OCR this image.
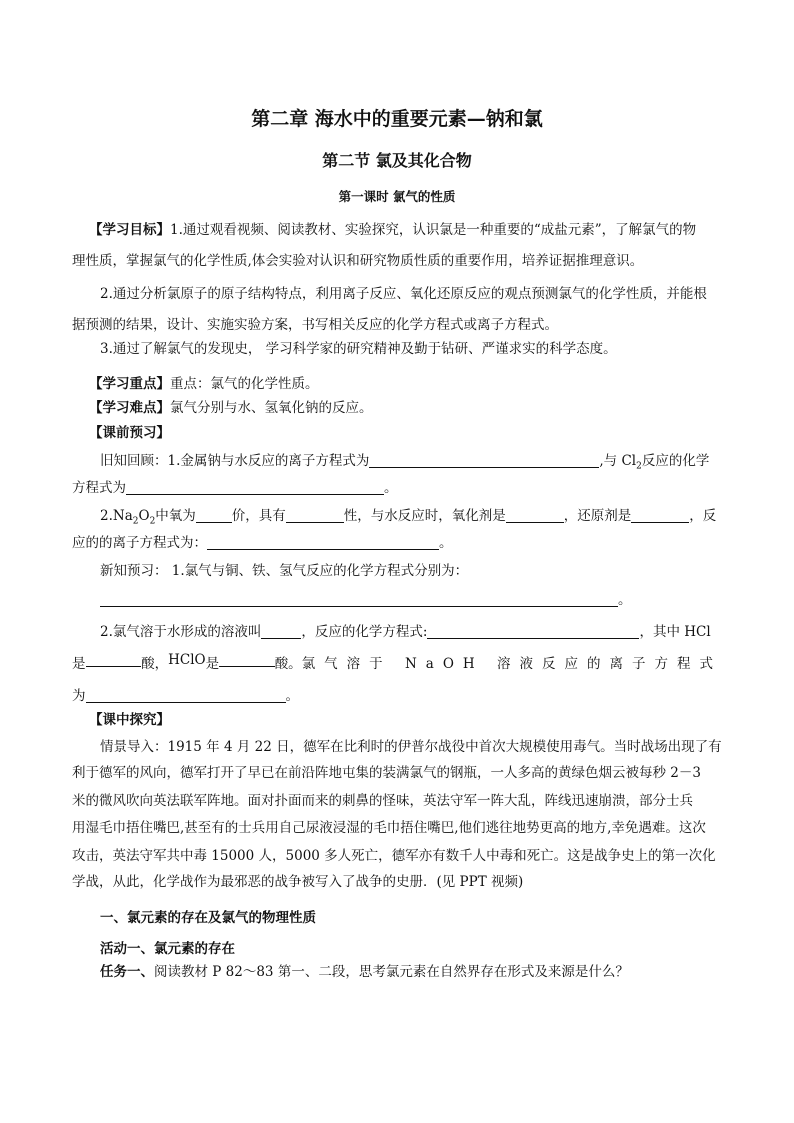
第二章 海水中的重要元素—钠和氯
第二节 氯及其化合物
第一课时 氯气的性质
【学习目标】1.通过观看视频、阅读教材、实验探究，认识氯是一种重要的“成盐元素”，了解氯气的物
理性质，掌握氯气的化学性质,体会实验对认识和研究物质性质的重要作用，培养证据推理意识。
2.通过分析氯原子的原子结构特点，利用离子反应、氧化还原反应的观点预测氯气的化学性质，并能根
据预测的结果，设计、实施实验方案，书写相关反应的化学方程式或离子方程式。
3.通过了解氯气的发现史， 学习科学家的研究精神及勤于钻研、严谨求实的科学态度。
【学习重点】重点：氯气的化学性质。
【学习难点】氯气分别与水、氢氧化钠的反应。
【课前预习】
旧知回顾：1.金属钠与水反应的离子方程式为	,与 $Cl_2$反应的化学
方程式为	。
$2.Na_2O_2$中氧为	价，具有	性，与水反应时，氧化剂是	，还原剂是	，反
应的的离子方程式为：	。
新知预习： 1.氯气与铜、铁、氢气反应的化学方程式分别为：
。
2.氯气溶于水形成的溶液叫	，反应的化学方程式:	，其中 HCl
是	酸， HClO 是	酸。 氯气溶于 NaOH 溶液反应的离子方程式
为	。
【课中探究】
情景导入：1915 年 4 月 22 日，德军在比利时的伊普尔战役中首次大规模使用毒气。当时战场出现了有
利于德军的风向，德军打开了早已在前沿阵地屯集的装满氯气的钢瓶，一人多高的黄绿色烟云被每秒 2－3
米的微风吹向英法联军阵地。面对扑面而来的刺鼻的怪味，英法守军一阵大乱，阵线迅速崩溃，部分士兵
用湿毛巾捂住嘴巴,甚至有的士兵用自己尿液浸湿的毛巾捂住嘴巴,他们逃往地势更高的地方,幸免遇难。这次
攻击，英法守军共中毒 15000 人，5000 多人死亡，德军亦有数千人中毒和死亡。这是战争史上的第一次化
学战，从此，化学战作为最邪恶的战争被写入了战争的史册．(见 PPT 视频)
一、氯元素的存在及氯气的物理性质
活动一、氯元素的存在
任务一、阅读教材 P 82～83 第一、二段，思考氯元素在自然界存在形式及来源是什么？
